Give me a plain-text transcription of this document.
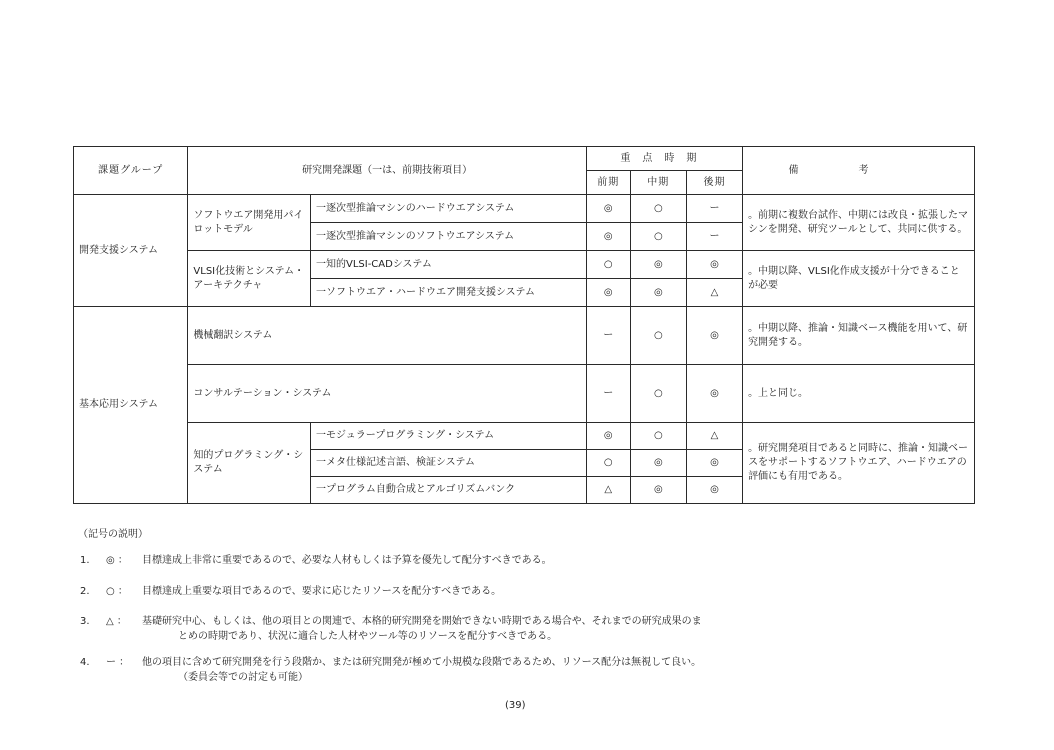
課題グループ	研究開発課題（一は、前期技術項目）		重点時期			備考
			前期	中期	後期	
開発支援システム	ソフトウエア開発用パイロットモデル	一逐次型推論マシンのハードウエアシステム	◎	○	ー	。前期に複数台試作、中期には改良・拡張したマシンを開発、研究ツールとして、共同に供する。
		一逐次型推論マシンのソフトウエアシステム	◎	○	ー	
	VLSI化技術とシステム・アーキテクチャ	一知的VLSI-CADシステム	○	◎	◎	。中期以降、VLSI化作成支援が十分できることが必要
		一ソフトウエア・ハードウエア開発支援システム	◎	◎	△	
基本応用システム	機械翻訳システム		ー	○	◎	。中期以降、推論・知識ベース機能を用いて、研究開発する。
	コンサルテーション・システム		ー	○	◎	。上と同じ。
	知的プログラミング・システム	一モジュラープログラミング・システム	◎	○	△	。研究開発項目であると同時に、推論・知識ベースをサポートするソフトウエア、ハードウエアの評価にも有用である。
		一メタ仕様記述言語、検証システム	○	◎	◎	
		一プログラム自動合成とアルゴリズムバンク	△	◎	◎	
（記号の説明）
1. ◎ ： 目標達成上非常に重要であるので、必要な人材もしくは予算を優先して配分すべきである。
2. ○ ： 目標達成上重要な項目であるので、要求に応じたリソースを配分すべきである。
3. △ ： 基礎研究中心、もしくは、他の項目との関連で、本格的研究開発を開始できない時期である場合や、それまでの研究成果のま
とめの時期であり、状況に適合した人材やツール等のリソースを配分すべきである。
4. ー ： 他の項目に含めて研究開発を行う段階か、または研究開発が極めて小規模な段階であるため、リソース配分は無視して良い。
（委員会等での討定も可能）
(39)
